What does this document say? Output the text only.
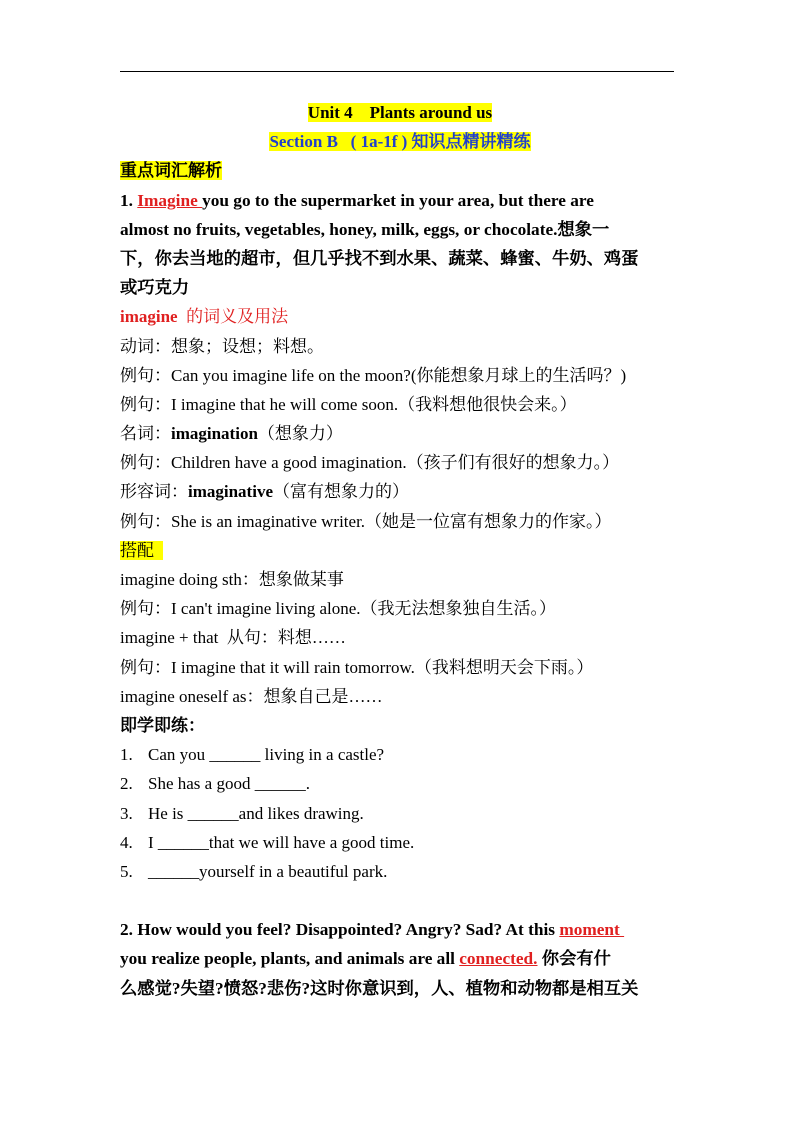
Unit 4    Plants around us
Section B   ( 1a-1f ) 知识点精讲精练
重点词汇解析
1. Imagine you go to the supermarket in your area, but there are
almost no fruits, vegetables, honey, milk, eggs, or chocolate.想象一
下，你去当地的超市，但几乎找不到水果、蔬菜、蜂蜜、牛奶、鸡蛋
或巧克力
imagine  的词义及用法
动词：想象；设想；料想。
例句：Can you imagine life on the moon?(你能想象月球上的生活吗？)
例句：I imagine that he will come soon.（我料想他很快会来。）
名词：imagination（想象力）
例句：Children have a good imagination.（孩子们有很好的想象力。）
形容词：imaginative（富有想象力的）
例句：She is an imaginative writer.（她是一位富有想象力的作家。）
搭配
imagine doing sth：想象做某事
例句：I can't imagine living alone.（我无法想象独自生活。）
imagine + that  从句：料想……
例句：I imagine that it will rain tomorrow.（我料想明天会下雨。）
imagine oneself as：想象自己是……
即学即练：
1. Can you ______ living in a castle?
2. She has a good ______.
3. He is ______and likes drawing.
4. I ______that we will have a good time.
5. ______yourself in a beautiful park.
2. How would you feel? Disappointed? Angry? Sad? At this moment
you realize people, plants, and animals are all connected. 你会有什
么感觉?失望?愤怒?悲伤?这时你意识到，人、植物和动物都是相互关
